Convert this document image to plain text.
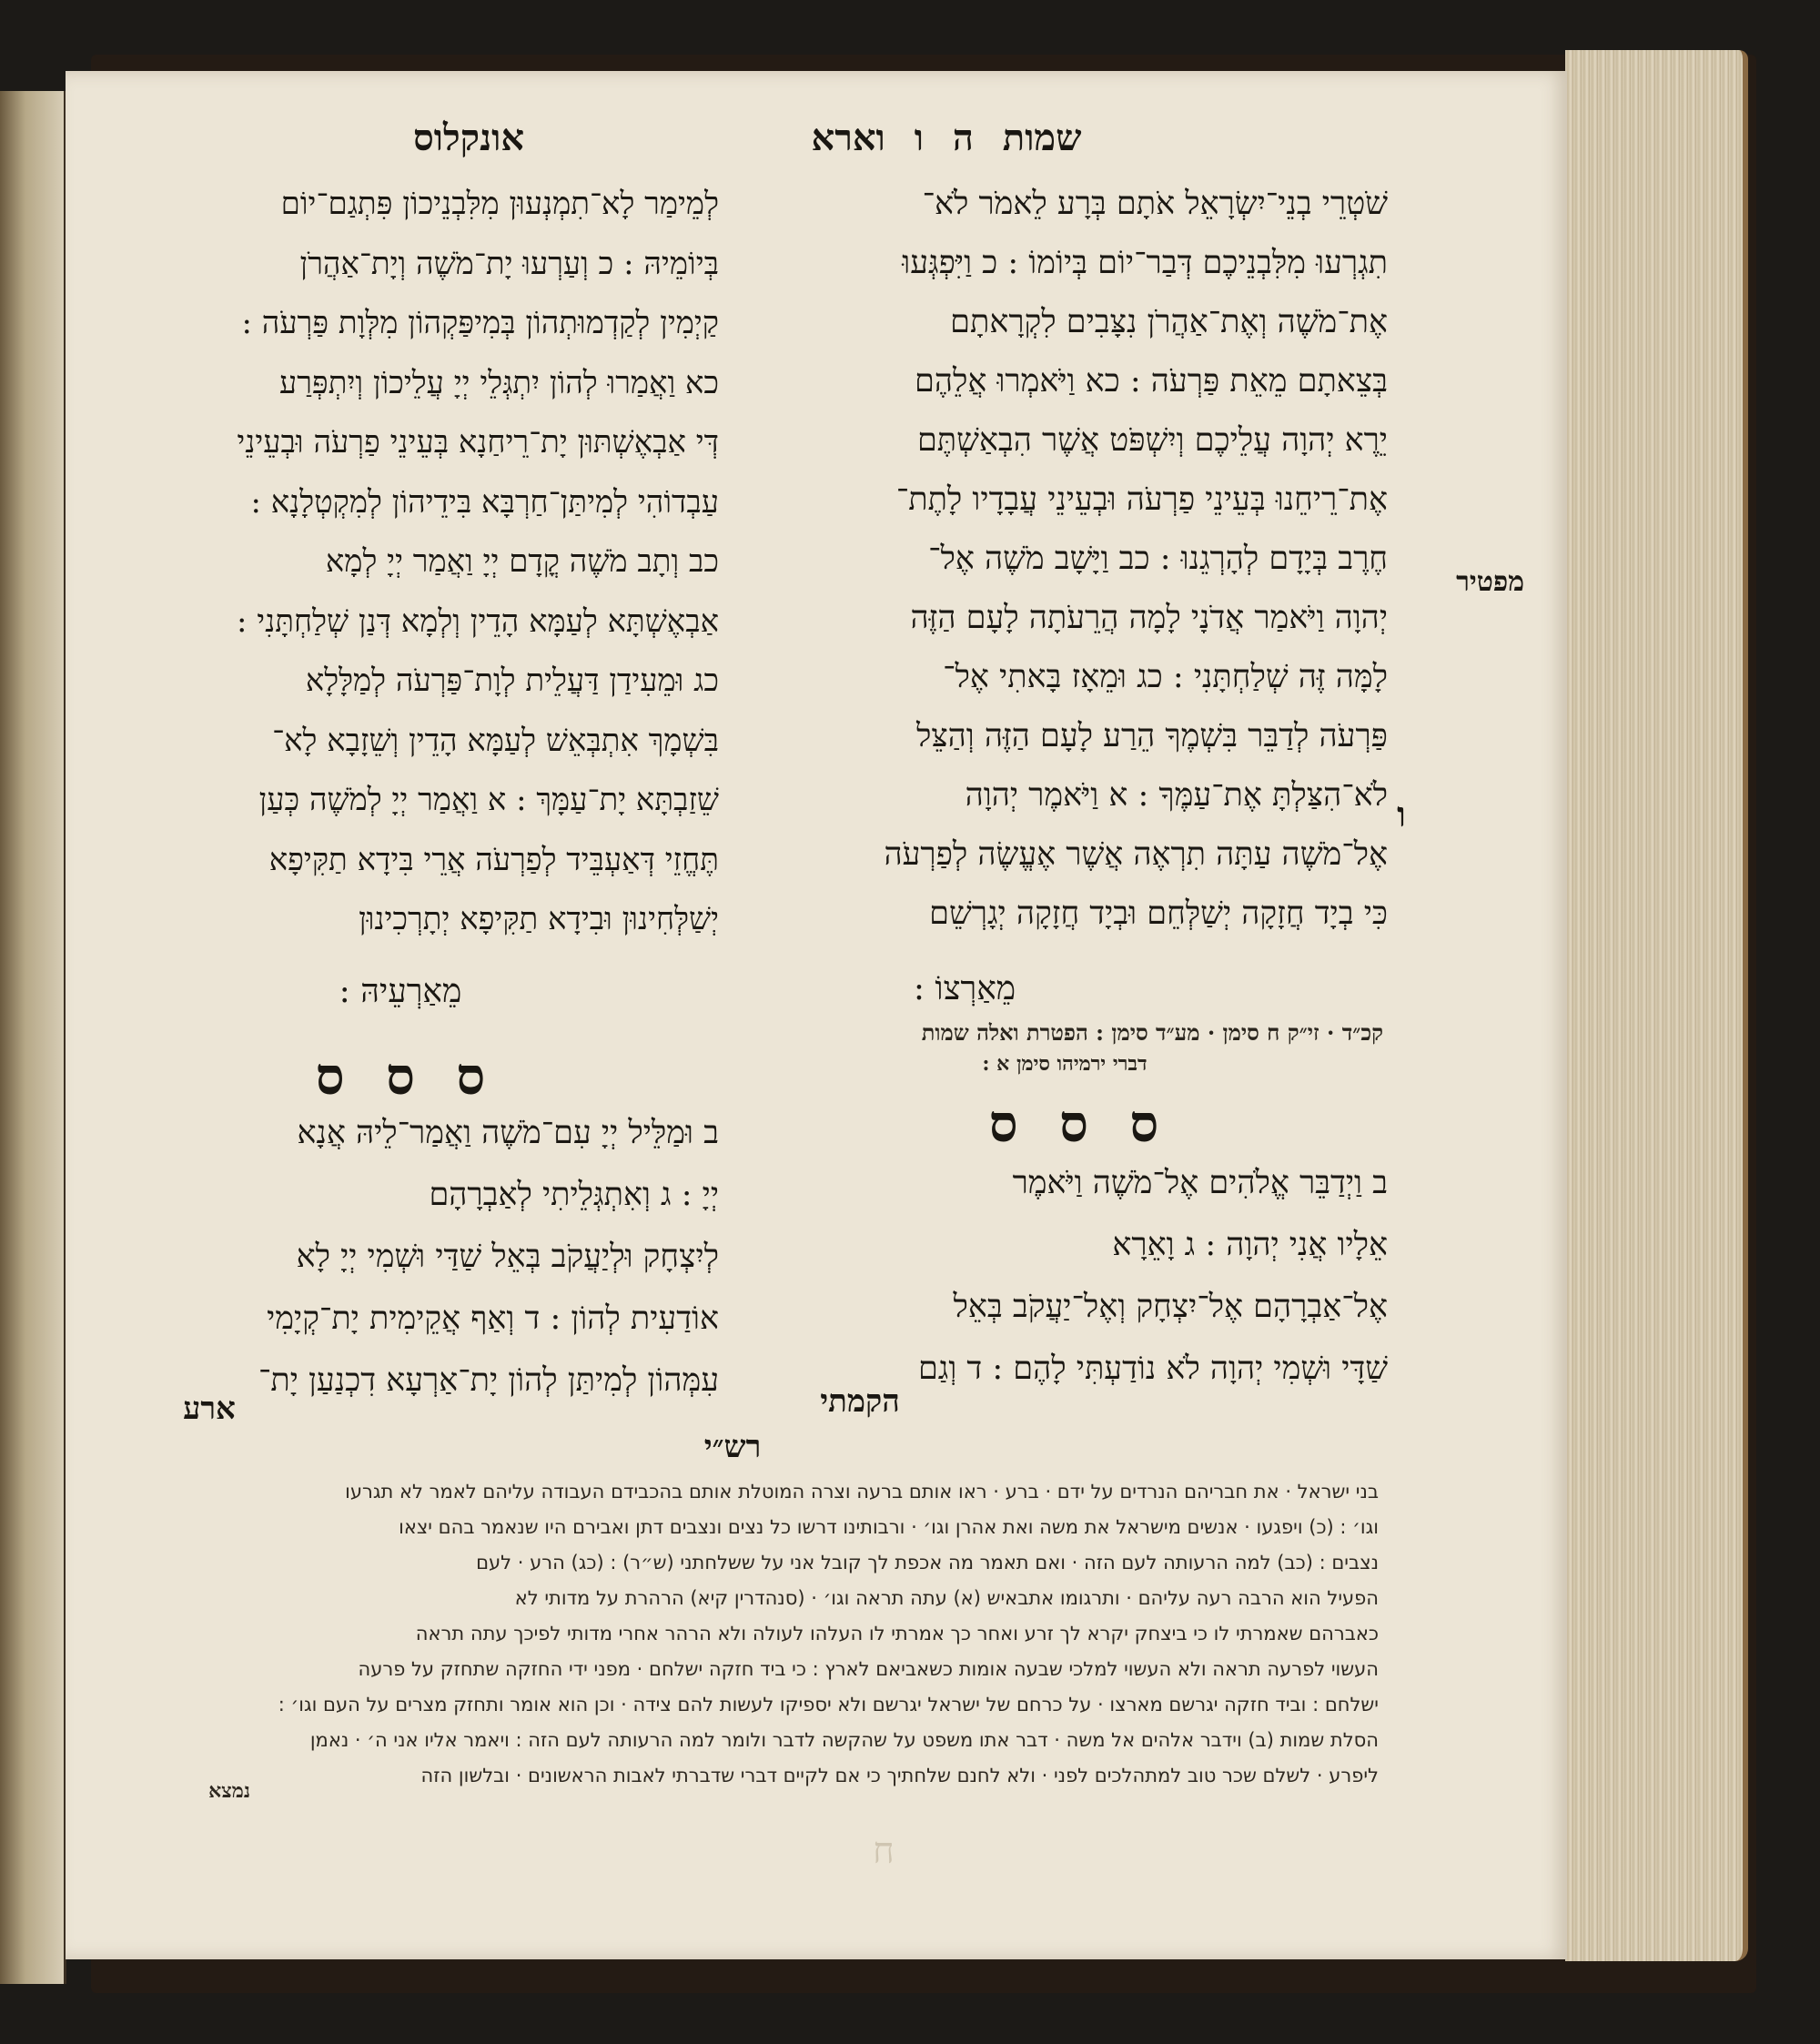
אונקלוס	שמות ה ו וארא
לְמֵימַר לָא־תִמְנְעוּן מִלִּבְנֵיכוֹן פִּתְגַם־יוֹם
בְּיוֹמֵיהּ : כ וְעַרְעוּ יָת־מֹשֶׁה וְיָת־אַהֲרֹן
קַיְמִין לְקַדְמוּתְהוֹן בְּמִיפַּקְהוֹן מִלְּוָת פַּרְעֹה :
כא וַאֲמַרוּ לְהוֹן יִתְגְּלֵי יְיָ עֲלֵיכוֹן וְיִתְפְּרַע
דְּי אַבְאֶשְׁתּוּן יָת־רֵיחַנָא בְּעֵינֵי פַרְעֹה וּבְעֵינֵי
עַבְדוֹהִי לְמִיתַּן־חַרְבָּא בִּידֵיהוֹן לְמִקְטְלָנָא :
כב וְתָב מֹשֶׁה קֳדָם יְיָ וַאֲמַר יְיָ לְמָא
אַבְאֶשְׁתָּא לְעַמָּא הָדֵין וְלְמָא דְּנַן שְׁלַחְתָּנִי :
כג וּמֵעִידַן דַּעֲלֵית לְוָת־פַּרְעֹה לְמַלָּלָא
בִּשְׁמָךְ אִתְבְּאֵשׁ לְעַמָּא הָדֵין וְשֵׁזָבָא לָא־
שֵׁזַבְתָּא יָת־עַמָּךְ : א וַאֲמַר יְיָ לְמֹשֶׁה כְּעַן
תֶּחֱזֵי דְּאַעְבֵּיד לְפַרְעֹה אֲרֵי בִּידָא תַקִּיפָא
יְשַׁלְּחִינוּן וּבִידָא תַקִּיפָא יְתָרְכִינוּן
מֵאַרְעֵיהּ :
שֹׁטְרֵי בְנֵי־יִשְׂרָאֵל אֹתָם בְּרָע לֵאמֹר לֹא־
תִגְרְעוּ מִלִּבְנֵיכֶם דְּבַר־יוֹם בְּיוֹמוֹ : כ וַיִּפְגְּעוּ
אֶת־מֹשֶׁה וְאֶת־אַהֲרֹן נִצָּבִים לִקְרָאתָם
בְּצֵאתָם מֵאֵת פַּרְעֹה : כא וַיֹּאמְרוּ אֲלֵהֶם
יֵרֶא יְהוָה עֲלֵיכֶם וְיִשְׁפֹּט אֲשֶׁר הִבְאַשְׁתֶּם
אֶת־רֵיחֵנוּ בְּעֵינֵי פַרְעֹה וּבְעֵינֵי עֲבָדָיו לָתֶת־
חֶרֶב בְּיָדָם לְהָרְגֵנוּ : כב וַיָּשָׁב מֹשֶׁה אֶל־
יְהוָה וַיֹּאמַר אֲדֹנָי לָמָה הֲרֵעֹתָה לָעָם הַזֶּה
לָמָּה זֶּה שְׁלַחְתָּנִי : כג וּמֵאָז בָּאתִי אֶל־
פַּרְעֹה לְדַבֵּר בִּשְׁמֶךָ הֵרַע לָעָם הַזֶּה וְהַצֵּל
לֹא־הִצַּלְתָּ אֶת־עַמֶּךָ : א וַיֹּאמֶר יְהוָה
אֶל־מֹשֶׁה עַתָּה תִרְאֶה אֲשֶׁר אֶעֱשֶׂה לְפַרְעֹה
כִּי בְיָד חֲזָקָה יְשַׁלְּחֵם וּבְיָד חֲזָקָה יְגָרְשֵׁם
מֵאַרְצוֹ :
מפטיר
ו
קכ״ד · זי״ק ח סימן · מע״ד סימן : הפטרת ואלה שמות
דברי ירמיהו סימן א :
ס ס ס
ס ס ס
ב וּמַלֵּיל יְיָ עִם־מֹשֶׁה וַאֲמַר־לֵיהּ אֲנָא
יְיָ : ג וְאִתְגְּלֵיתִי לְאַבְרָהָם
לְיִצְחָק וּלְיַעֲקֹב בְּאֵל שַׁדַּי וּשְׁמִי יְיָ לָא
אוֹדַעִית לְהוֹן : ד וְאַף אֲקֵימִית יָת־קְיָמִי
עִמְּהוֹן לְמִיתַּן לְהוֹן יָת־אַרְעָא דִכְנַעַן יָת־
ארע
ב וַיְדַבֵּר אֱלֹהִים אֶל־מֹשֶׁה וַיֹּאמֶר
אֵלָיו אֲנִי יְהוָה : ג וָאֵרָא
אֶל־אַבְרָהָם אֶל־יִצְחָק וְאֶל־יַעֲקֹב בְּאֵל
שַׁדָּי וּשְׁמִי יְהוָה לֹא נוֹדַעְתִּי לָהֶם : ד וְגַם
הקמתי
רש״י
בני ישראל · את חבריהם הנרדים על ידם · ברע · ראו אותם ברעה וצרה המוטלת אותם בהכבידם העבודה עליהם לאמר לא תגרעו
וגו׳ : (כ) ויפגעו · אנשים מישראל את משה ואת אהרן וגו׳ · ורבותינו דרשו כל נצים ונצבים דתן ואבירם היו שנאמר בהם יצאו
נצבים : (כב) למה הרעותה לעם הזה · ואם תאמר מה אכפת לך קובל אני על ששלחתני (ש״ר) : (כג) הרע · לעם
הפעיל הוא הרבה רעה עליהם · ותרגומו אתבאיש (א) עתה תראה וגו׳ · (סנהדרין קיא) הרהרת על מדותי לא
כאברהם שאמרתי לו כי ביצחק יקרא לך זרע ואחר כך אמרתי לו העלהו לעולה ולא הרהר אחרי מדותי לפיכך עתה תראה
העשוי לפרעה תראה ולא העשוי למלכי שבעה אומות כשאביאם לארץ : כי ביד חזקה ישלחם · מפני ידי החזקה שתחזק על פרעה
ישלחם : וביד חזקה יגרשם מארצו · על כרחם של ישראל יגרשם ולא יספיקו לעשות להם צידה · וכן הוא אומר ותחזק מצרים על העם וגו׳ :
הסלת שמות (ב) וידבר אלהים אל משה · דבר אתו משפט על שהקשה לדבר ולומר למה הרעותה לעם הזה : ויאמר אליו אני ה׳ · נאמן
ליפרע · לשלם שכר טוב למתהלכים לפני · ולא לחנם שלחתיך כי אם לקיים דברי שדברתי לאבות הראשונים · ובלשון הזה
נמצא
ח
